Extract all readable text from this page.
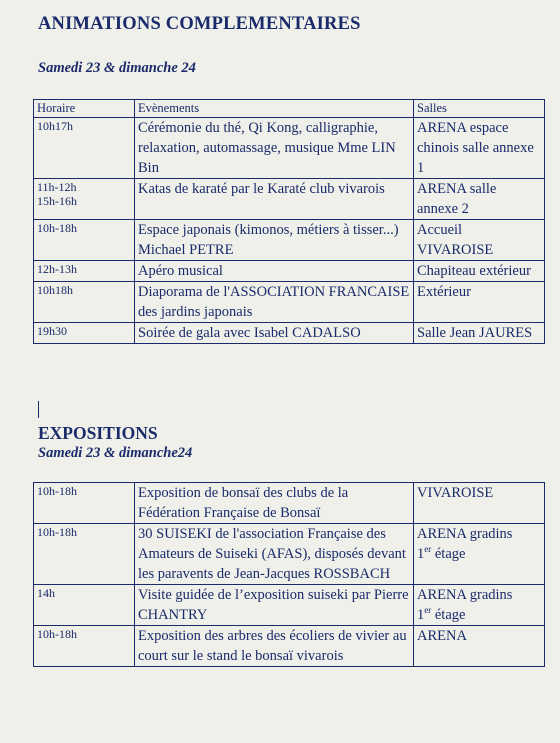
ANIMATIONS COMPLEMENTAIRES
Samedi 23 & dimanche 24
Horaire	Evènements	Salles
10h17h	Cérémonie du thé, Qi Kong, calligraphie, relaxation, automassage, musique Mme LIN Bin	ARENA espace chinois salle annexe 1
11h-12h
15h-16h	Katas de karaté par le Karaté club vivarois	ARENA salle annexe 2
10h-18h	Espace japonais (kimonos, métiers à tisser...) Michael PETRE	Accueil VIVAROISE
12h-13h	Apéro musical	Chapiteau extérieur
10h18h	Diaporama de l'ASSOCIATION FRANCAISE des jardins japonais	Extérieur
19h30	Soirée de gala avec Isabel CADALSO	Salle Jean JAURES
EXPOSITIONS
Samedi 23 & dimanche24
10h-18h	Exposition de bonsaï des clubs de la Fédération Française de Bonsaï	VIVAROISE
10h-18h	30 SUISEKI de l'association Française des Amateurs de Suiseki (AFAS), disposés devant les paravents de Jean-Jacques ROSSBACH	ARENA gradins
1er étage
14h	Visite guidée de l’exposition suiseki par Pierre CHANTRY	ARENA gradins
1er étage
10h-18h	Exposition des arbres des écoliers de vivier au court sur le stand le bonsaï vivarois	ARENA
